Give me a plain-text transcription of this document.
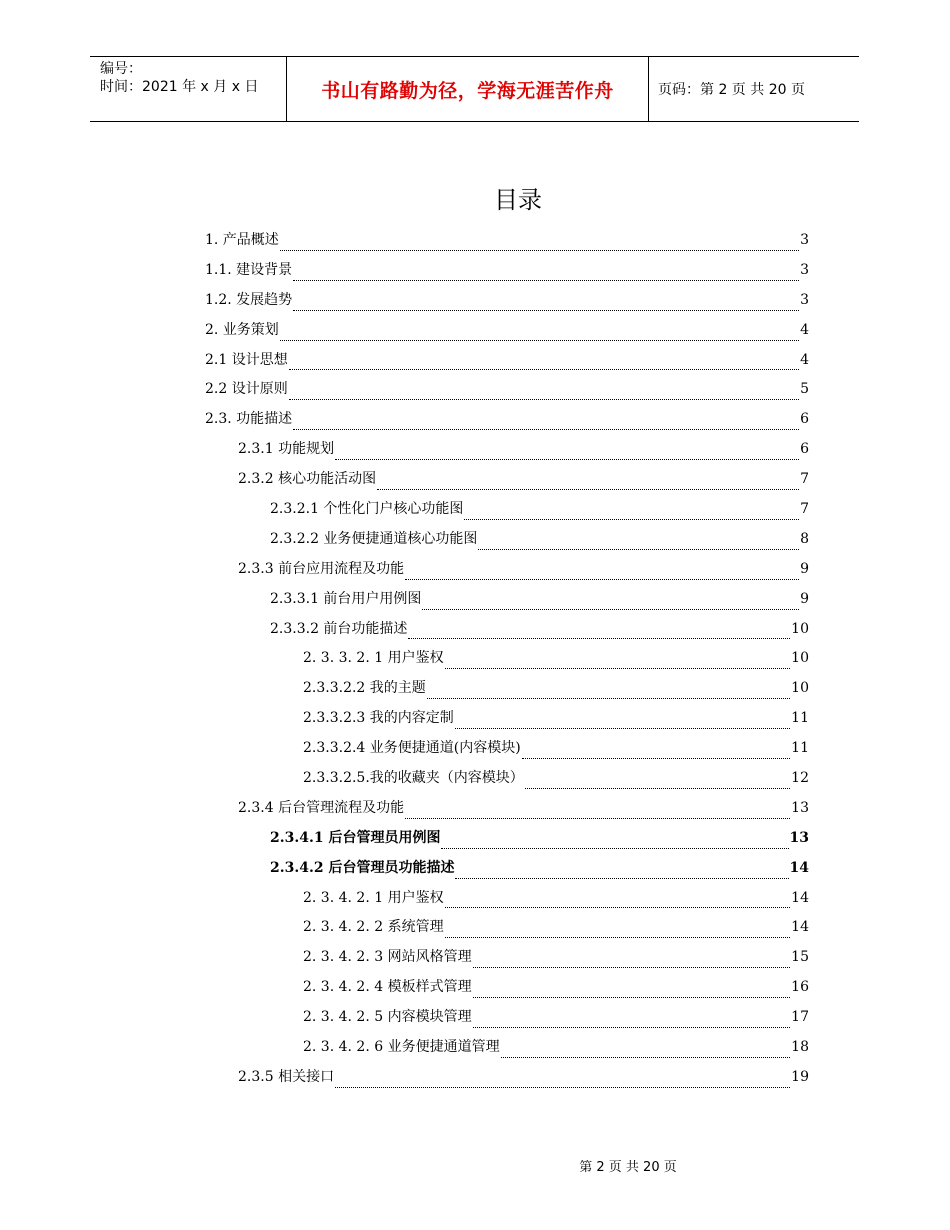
编号：
时间：2021 年 x 月 x 日	书山有路勤为径，学海无涯苦作舟	页码：第 2 页 共 20 页
目录
1. 产品概述	3
1.1. 建设背景	3
1.2. 发展趋势	3
2. 业务策划	4
2.1 设计思想	4
2.2 设计原则	5
2.3. 功能描述	6
2.3.1 功能规划	6
2.3.2 核心功能活动图	7
2.3.2.1 个性化门户核心功能图	7
2.3.2.2 业务便捷通道核心功能图	8
2.3.3 前台应用流程及功能	9
2.3.3.1 前台用户用例图	9
2.3.3.2 前台功能描述	10
2. 3. 3. 2. 1 用户鉴权	10
2.3.3.2.2 我的主题	10
2.3.3.2.3 我的内容定制	11
2.3.3.2.4 业务便捷通道(内容模块)	11
2.3.3.2.5.我的收藏夹（内容模块）	12
2.3.4 后台管理流程及功能	13
2.3.4.1 后台管理员用例图	13
2.3.4.2 后台管理员功能描述	14
2. 3. 4. 2. 1 用户鉴权	14
2. 3. 4. 2. 2 系统管理	14
2. 3. 4. 2. 3 网站风格管理	15
2. 3. 4. 2. 4 模板样式管理	16
2. 3. 4. 2. 5 内容模块管理	17
2. 3. 4. 2. 6 业务便捷通道管理	18
2.3.5 相关接口	19
第 2 页 共 20 页
